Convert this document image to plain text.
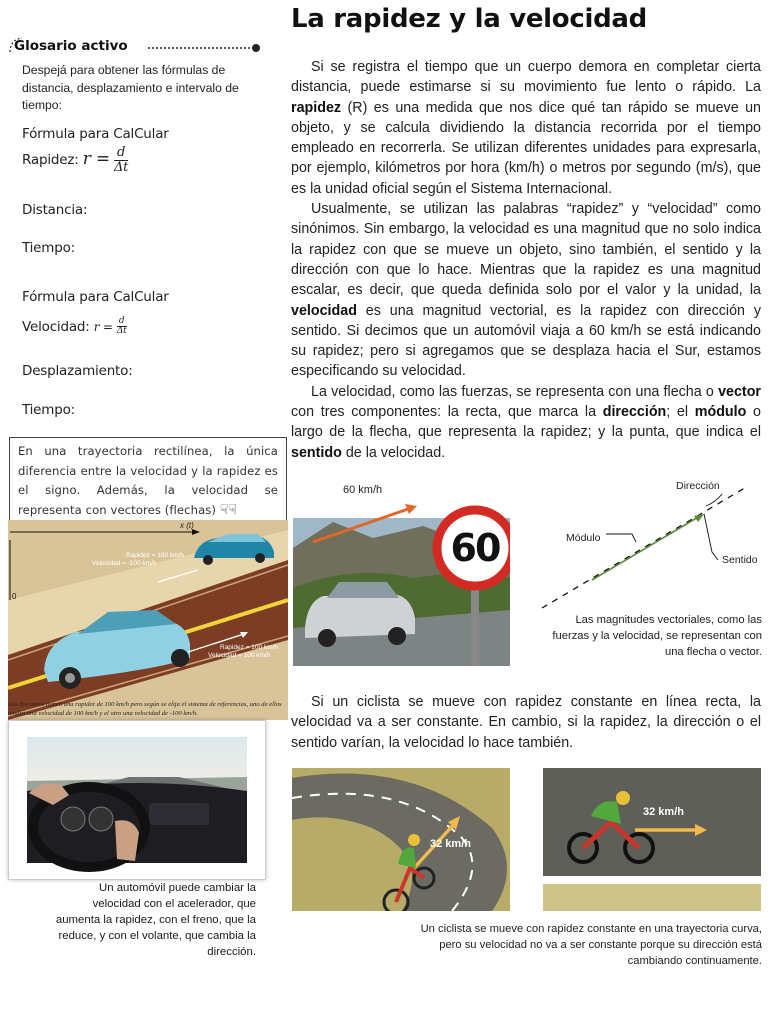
Glosario activo
Despejá para obtener las fórmulas de distancia, desplazamiento e intervalo de tiempo:
Fórmula para CalCular
Rapidez: $r = \frac{d}{\Delta t}$
Distancia:
Tiempo:
Fórmula para CalCular
Velocidad: $r = \frac{d}{\Delta t}$
Desplazamiento:
Tiempo:
En una trayectoria rectilínea, la única diferencia entre la velocidad y la rapidez es el signo. Además, la velocidad se representa con vectores (flechas) ☟☟
x (t)
0
Rapidez = 100 km/h
Velocidad = -100 km/h
Rapidez = 100 km/h
Velocidad = 100 km/h
Los dos autos tienen una rapidez de 100 km/h pero según se elija el sistema de referencias, uno de ellos tendrá una velocidad de 100 km/h y el otro una velocidad de -100 km/h.
Un automóvil puede cambiar la velocidad con el acelerador, que aumenta la rapidez, con el freno, que la reduce, y con el volante, que cambia la dirección.
La rapidez y la velocidad

Si se registra el tiempo que un cuerpo demora en completar cierta distancia, puede estimarse si su movimiento fue lento o rápido. La rapidez (R) es una medida que nos dice qué tan rápido se mueve un objeto, y se calcula dividiendo la distancia recorrida por el tiempo empleado en recorrerla. Se utilizan diferentes unidades para expresarla, por ejemplo, kilómetros por hora (km/h) o metros por segundo (m/s), que es la unidad oficial según el Sistema Internacional.

Usualmente, se utilizan las palabras “rapidez” y “velocidad” como sinónimos. Sin embargo, la velocidad es una magnitud que no solo indica la rapidez con que se mueve un objeto, sino también, el sentido y la dirección con que lo hace. Mientras que la rapidez es una magnitud escalar, es decir, que queda definida solo por el valor y la unidad, la velocidad es una magnitud vectorial, es la rapidez con dirección y sentido. Si decimos que un automóvil viaja a 60 km/h se está indicando su rapidez; pero si agregamos que se desplaza hacia el Sur, estamos especificando su velocidad.

La velocidad, como las fuerzas, se representa con una flecha o vector con tres componentes: la recta, que marca la dirección; el módulo o largo de la flecha, que representa la rapidez; y la punta, que indica el sentido de la velocidad.

60 km/h
60
Dirección
Módulo
Sentido
Las magnitudes vectoriales, como las fuerzas y la velocidad, se representan con una flecha o vector.

Si un ciclista se mueve con rapidez constante en línea recta, la velocidad va a ser constante. En cambio, si la rapidez, la dirección o el sentido varían, la velocidad lo hace también.

32 km/h
32 km/h
Un ciclista se mueve con rapidez constante en una trayectoria curva, pero su velocidad no va a ser constante porque su dirección está cambiando continuamente.
